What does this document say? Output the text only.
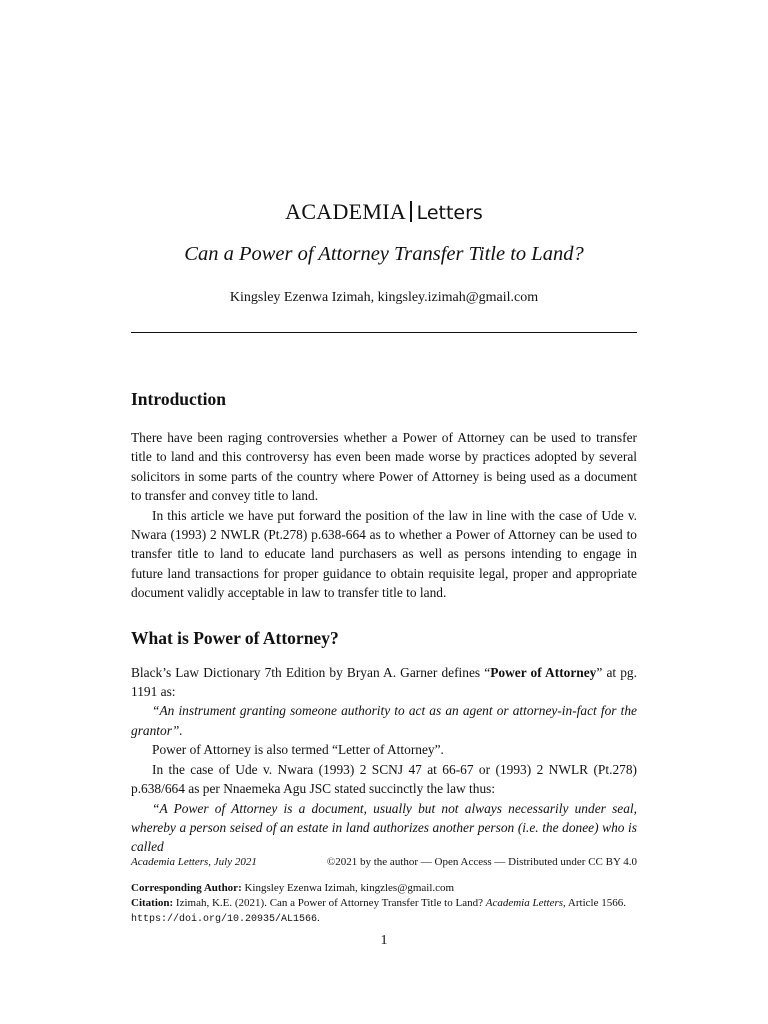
ACADEMIA Letters
Can a Power of Attorney Transfer Title to Land?
Kingsley Ezenwa Izimah, kingsley.izimah@gmail.com
Introduction

There have been raging controversies whether a Power of Attorney can be used to transfer title to land and this controversy has even been made worse by practices adopted by several solicitors in some parts of the country where Power of Attorney is being used as a document to transfer and convey title to land.

In this article we have put forward the position of the law in line with the case of Ude v. Nwara (1993) 2 NWLR (Pt.278) p.638-664 as to whether a Power of Attorney can be used to transfer title to land to educate land purchasers as well as persons intending to engage in future land transactions for proper guidance to obtain requisite legal, proper and appropriate document validly acceptable in law to transfer title to land.

What is Power of Attorney?

Black’s Law Dictionary 7th Edition by Bryan A. Garner defines “Power of Attorney” at pg. 1191 as:

“An instrument granting someone authority to act as an agent or attorney-in-fact for the grantor”.

Power of Attorney is also termed “Letter of Attorney”.

In the case of Ude v. Nwara (1993) 2 SCNJ 47 at 66-67 or (1993) 2 NWLR (Pt.278) p.638/664 as per Nnaemeka Agu JSC stated succinctly the law thus:

“A Power of Attorney is a document, usually but not always necessarily under seal, whereby a person seised of an estate in land authorizes another person (i.e. the donee) who is called

Academia Letters, July 2021	©2021 by the author — Open Access — Distributed under CC BY 4.0

Corresponding Author: Kingsley Ezenwa Izimah, kingzles@gmail.com

Citation: Izimah, K.E. (2021). Can a Power of Attorney Transfer Title to Land? Academia Letters, Article 1566. https://doi.org/10.20935/AL1566.

1
